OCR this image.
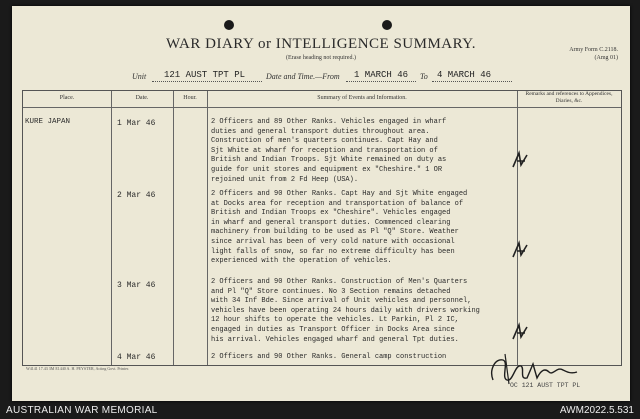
WAR DIARY or INTELLIGENCE SUMMARY.
(Erase heading not required.)
Army Form C.2118.
(Amg 01)
Unit 121 AUST TPT PL	Date and Time.—From 1 MARCH 46 To 4 MARCH 46
Place.	Date.	Hour.	Summary of Events and Information.
Remarks and references to Appendices, Diaries, &c.
KURE JAPAN	1 Mar 46	2 Officers and 89 Other Ranks. Vehicles engaged in wharf
duties and general transport duties throughout area.
Construction of men's quarters continues. Capt Hay and
Sjt White at wharf for reception and transportation of
British and Indian Troops. Sjt White remained on duty as
guide for unit stores and equipment ex "Cheshire." 1 OR
rejoined unit from 2 Fd Heep (USA).
2 Mar 46	2 Officers and 90 Other Ranks. Capt Hay and Sjt White engaged
at Docks area for reception and transportation of balance of
British and Indian Troops ex "Cheshire". Vehicles engaged
in wharf and general transport duties. Commenced clearing
machinery from building to be used as Pl "Q" Store. Weather
since arrival has been of very cold nature with occasional
light falls of snow, so far no extreme difficulty has been
experienced with the operation of vehicles.
3 Mar 46	2 Officers and 90 Other Ranks. Construction of Men's Quarters
and Pl "Q" Store continues. No 3 Section remains detached
with 34 Inf Bde. Since arrival of Unit vehicles and personnel,
vehicles have been operating 24 hours daily with drivers working
12 hour shifts to operate the vehicles. Lt Parkin, Pl 2 IC,
engaged in duties as Transport Officer in Docks Area since
his arrival. Vehicles engaged wharf and general Tpt duties.
4 Mar 46	2 Officers and 90 Other Ranks. General camp construction
W4141 17.43 3M E1440 A. H. PEYSTER, Acting Govt. Printer.
OC 121 AUST TPT PL
AUSTRALIAN WAR MEMORIAL	AWM2022.5.531
